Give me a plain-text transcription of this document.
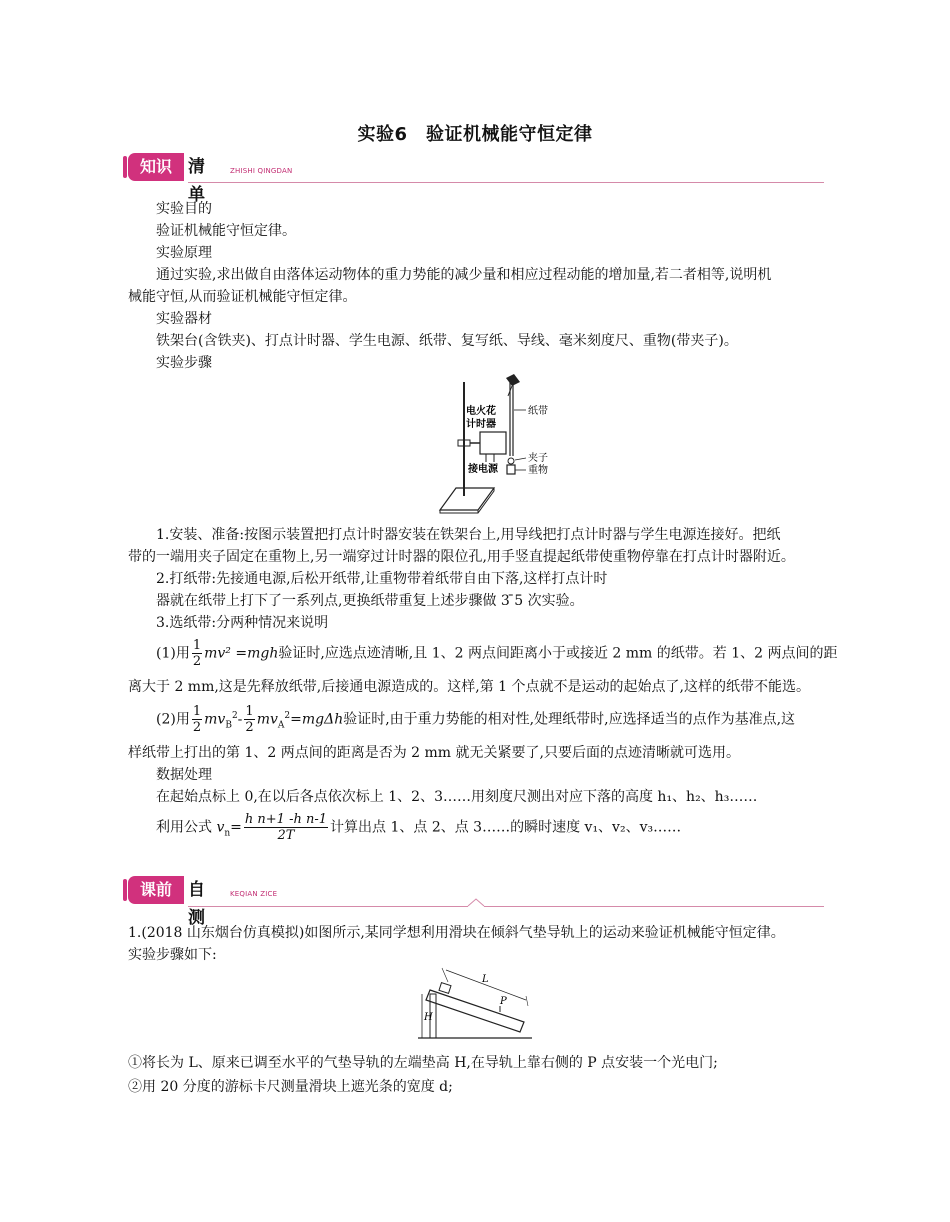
实验6　验证机械能守恒定律
知识 清单
ZHISHI QINGDAN
实验目的
验证机械能守恒定律。
实验原理
通过实验,求出做自由落体运动物体的重力势能的减少量和相应过程动能的增加量,若二者相等,说明机
械能守恒,从而验证机械能守恒定律。
实验器材
铁架台(含铁夹)、打点计时器、学生电源、纸带、复写纸、导线、毫米刻度尺、重物(带夹子)。
实验步骤
电火花
计时器
纸带
夹子
重物
接电源
1.安装、准备:按图示装置把打点计时器安装在铁架台上,用导线把打点计时器与学生电源连接好。把纸
带的一端用夹子固定在重物上,另一端穿过计时器的限位孔,用手竖直提起纸带使重物停靠在打点计时器附近。
2.打纸带:先接通电源,后松开纸带,让重物带着纸带自由下落,这样打点计时
器就在纸带上打下了一系列点,更换纸带重复上述步骤做 3 ̄5 次实验。
3.选纸带:分两种情况来说明
(1)用 $\frac{1}{2} mv^2 =mgh$验证时,应选点迹清晰,且 1、2 两点间距离小于或接近 2 mm 的纸带。若 1、2 两点间的距
离大于 2 mm,这是先释放纸带,后接通电源造成的。这样,第 1 个点就不是运动的起始点了,这样的纸带不能选。
(2)用 $\frac{1}{2} mv_B^2- \frac{1}{2} mv_A^2=mg\Delta h$验证时,由于重力势能的相对性,处理纸带时,应选择适当的点作为基准点,这
样纸带上打出的第 1、2 两点间的距离是否为 2 mm 就无关紧要了,只要后面的点迹清晰就可选用。
数据处理
在起始点标上 0,在以后各点依次标上 1、2、3……用刻度尺测出对应下落的高度 h₁、h₂、h₃……
利用公式 $v_n= \frac{\text{h n+1 -h n-1}}{2T}$ 计算出点 1、点 2、点 3……的瞬时速度 v₁、v₂、v₃……
课前 自测
KEQIAN ZICE
1.(2018 山东烟台仿真模拟)如图所示,某同学想利用滑块在倾斜气垫导轨上的运动来验证机械能守恒定律。
实验步骤如下:
L
P
H
①将长为 L、原来已调至水平的气垫导轨的左端垫高 H,在导轨上靠右侧的 P 点安装一个光电门;
②用 20 分度的游标卡尺测量滑块上遮光条的宽度 d;
